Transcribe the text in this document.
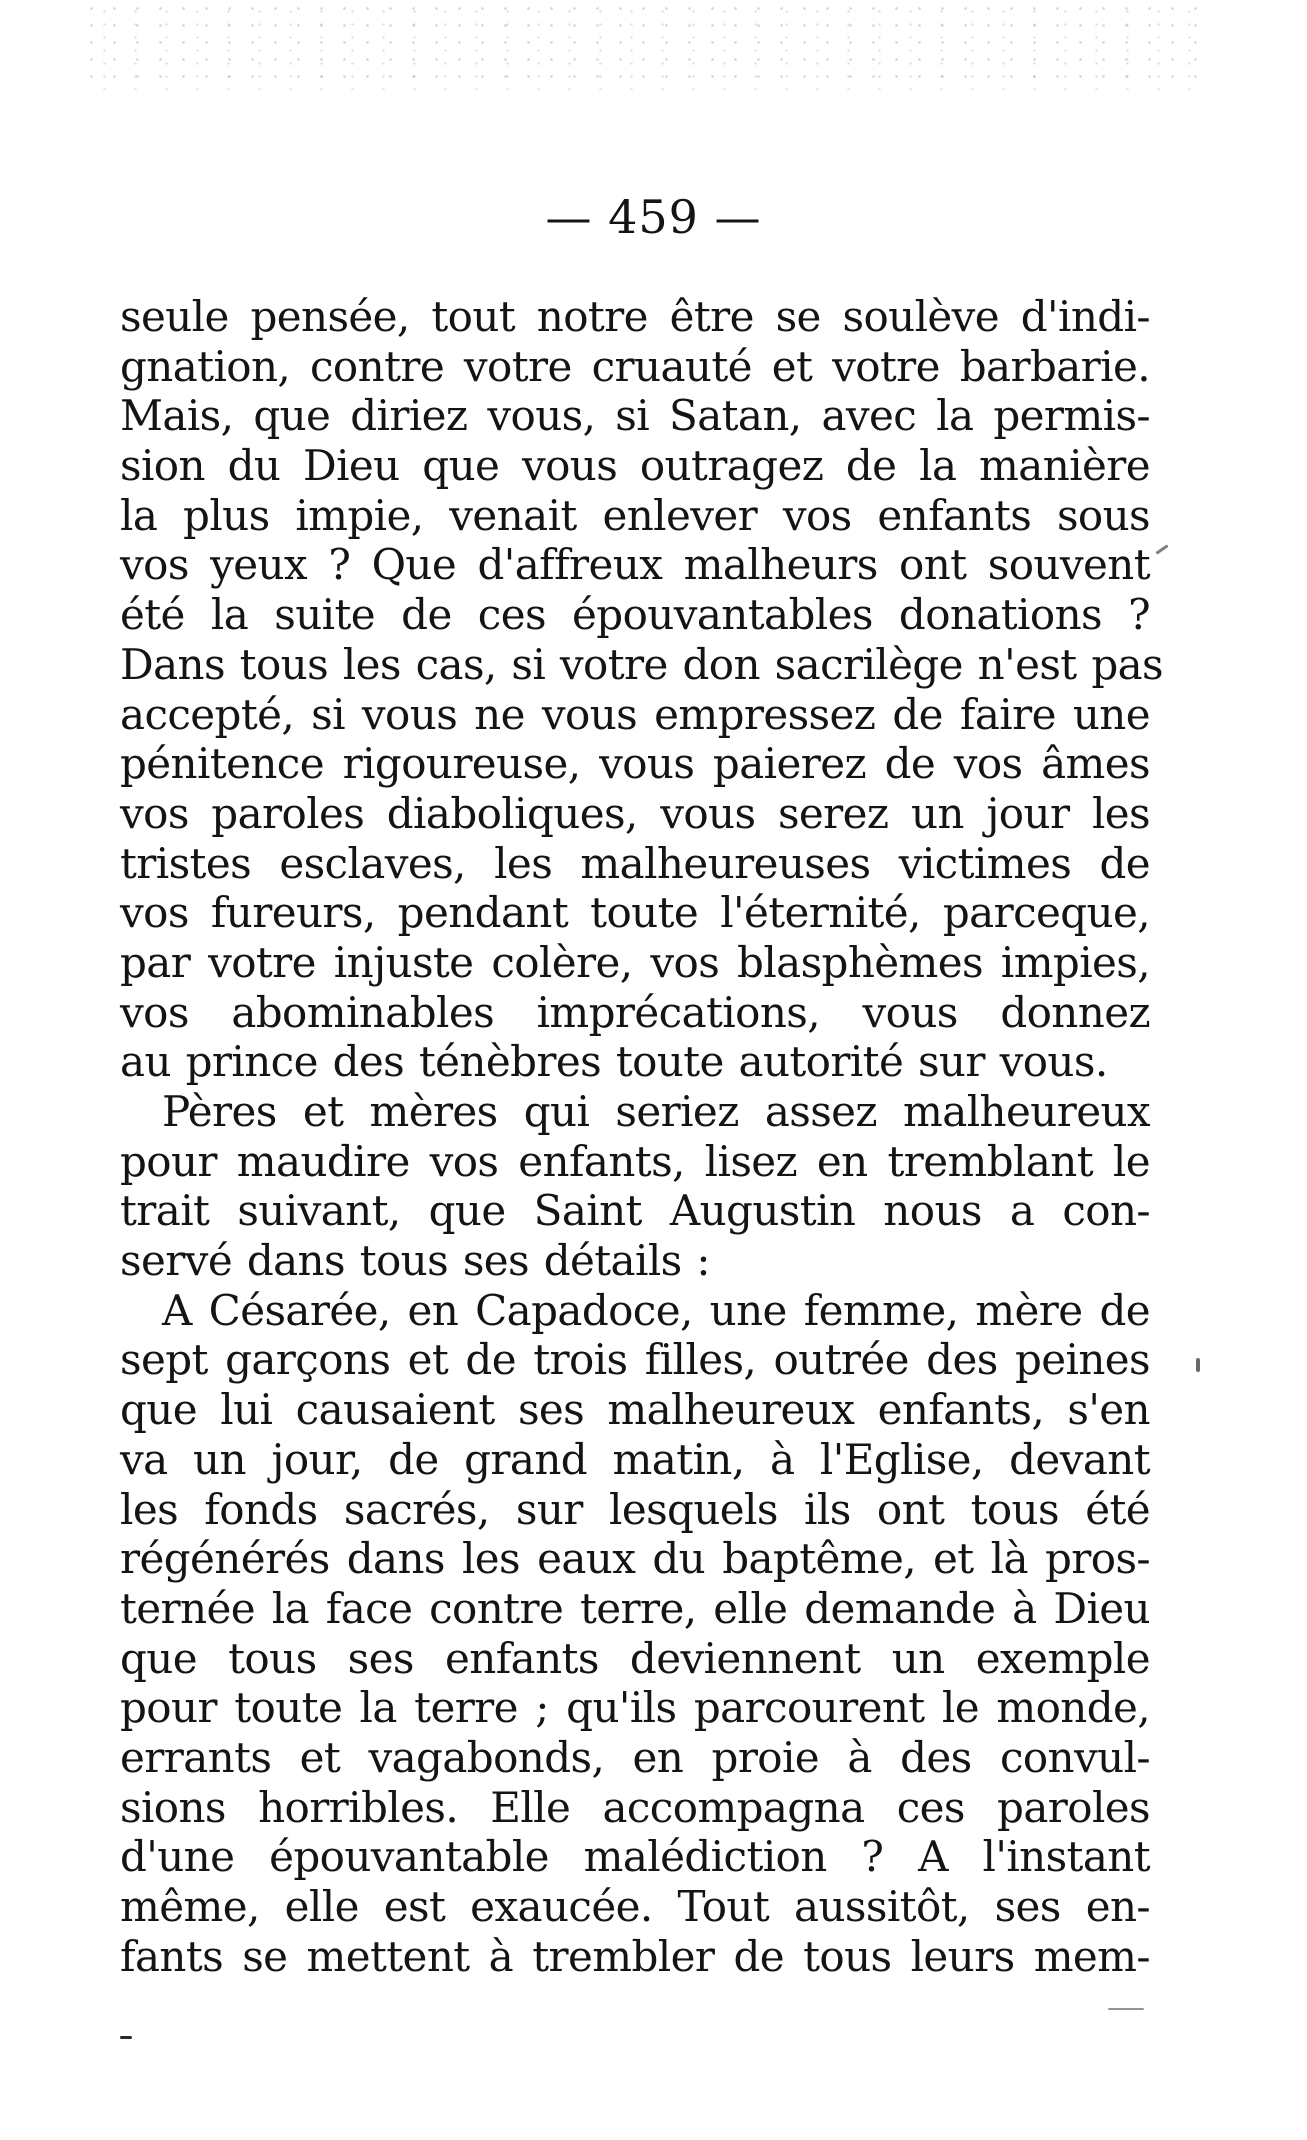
— 459 —
seule pensée, tout notre être se soulève d'indi-
gnation, contre votre cruauté et votre barbarie.
Mais, que diriez vous, si Satan, avec la permis-
sion du Dieu que vous outragez de la manière
la plus impie, venait enlever vos enfants sous
vos yeux ? Que d'affreux malheurs ont souvent
été la suite de ces épouvantables donations ?
Dans tous les cas, si votre don sacrilège n'est pas
accepté, si vous ne vous empressez de faire une
pénitence rigoureuse, vous paierez de vos âmes
vos paroles diaboliques, vous serez un jour les
tristes esclaves, les malheureuses victimes de
vos fureurs, pendant toute l'éternité, parceque,
par votre injuste colère, vos blasphèmes impies,
vos abominables imprécations, vous donnez
au prince des ténèbres toute autorité sur vous.
Pères et mères qui seriez assez malheureux
pour maudire vos enfants, lisez en tremblant le
trait suivant, que Saint Augustin nous a con-
servé dans tous ses détails :
A Césarée, en Capadoce, une femme, mère de
sept garçons et de trois filles, outrée des peines
que lui causaient ses malheureux enfants, s'en
va un jour, de grand matin, à l'Eglise, devant
les fonds sacrés, sur lesquels ils ont tous été
régénérés dans les eaux du baptême, et là pros-
ternée la face contre terre, elle demande à Dieu
que tous ses enfants deviennent un exemple
pour toute la terre ; qu'ils parcourent le monde,
errants et vagabonds, en proie à des convul-
sions horribles. Elle accompagna ces paroles
d'une épouvantable malédiction ? A l'instant
même, elle est exaucée. Tout aussitôt, ses en-
fants se mettent à trembler de tous leurs mem-
